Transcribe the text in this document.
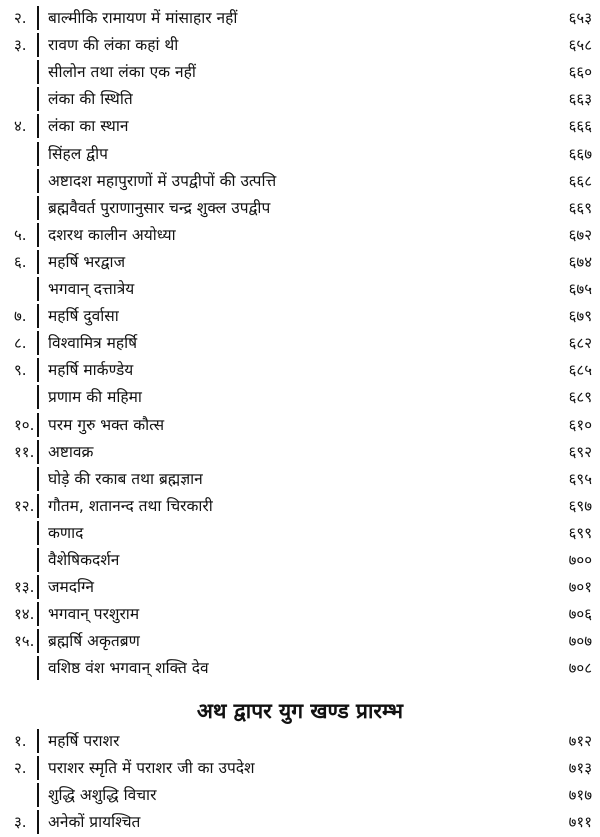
२.	बाल्मीकि रामायण में मांसाहार नहीं	६५३
३.	रावण की लंका कहां थी	६५८
सीलोन तथा लंका एक नहीं	६६०
लंका की स्थिति	६६३
४.	लंका का स्थान	६६६
सिंहल द्वीप	६६७
अष्टादश महापुराणों में उपद्वीपों की उत्पत्ति	६६८
ब्रह्मवैवर्त पुराणानुसार चन्द्र शुक्ल उपद्वीप	६६९
५.	दशरथ कालीन अयोध्या	६७२
६.	महर्षि भरद्वाज	६७४
भगवान् दत्तात्रेय	६७५
७.	महर्षि दुर्वासा	६७९
८.	विश्वामित्र महर्षि	६८२
९.	महर्षि मार्कण्डेय	६८५
प्रणाम की महिमा	६८९
१०. परम गुरु भक्त कौत्स	६१०
११. अष्टावक्र	६९२
घोड़े की रकाब तथा ब्रह्मज्ञान	६९५
१२. गौतम, शतानन्द तथा चिरकारी	६९७
कणाद	६९९
वैशेषिकदर्शन	७००
१३. जमदग्नि	७०१
१४. भगवान् परशुराम	७०६
१५. ब्रह्मर्षि अकृतब्रण	७०७
वशिष्ठ वंश भगवान् शक्ति देव	७०८
अथ द्वापर युग खण्ड प्रारम्भ
१.	महर्षि पराशर	७१२
२.	पराशर स्मृति में पराशर जी का उपदेश	७१३
शुद्धि अशुद्धि विचार	७१७
३.	अनेकों प्रायश्चित	७११
